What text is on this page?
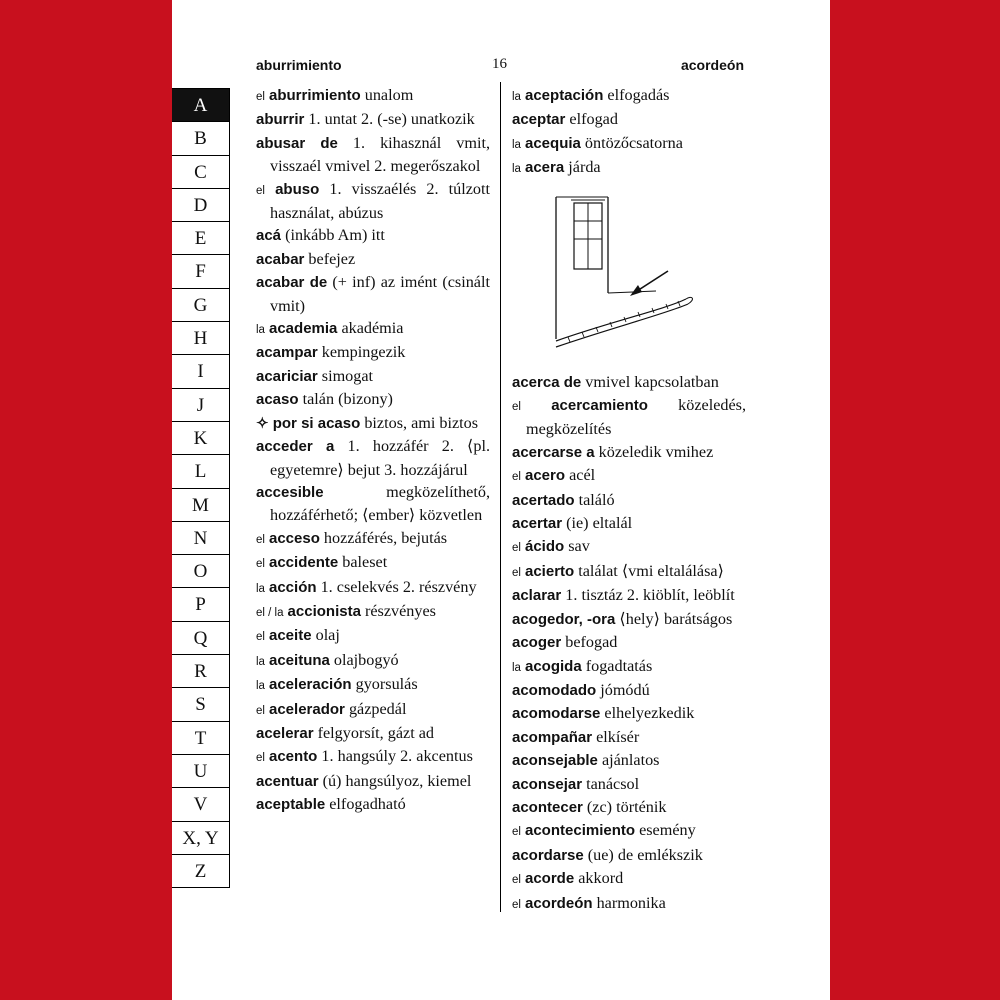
aburrimiento	16	acordeón
A
B
C
D
E
F
G
H
I
J
K
L
M
N
O
P
Q
R
S
T
U
V
X, Y
Z
el aburrimiento unalom
aburrir 1. untat 2. (-se) unatkozik
abusar de 1. kihasznál vmit, visszaél vmivel 2. megerőszakol
el abuso 1. visszaélés 2. túlzott használat, abúzus
acá (inkább Am) itt
acabar befejez
acabar de (+ inf) az imént (csinált vmit)
la academia akadémia
acampar kempingezik
acariciar simogat
acaso talán (bizony)
✧ por si acaso biztos, ami biztos
acceder a 1. hozzáfér 2. ⟨pl. egyetemre⟩ bejut 3. hozzájárul
accesible	megközelíthető, hozzáférhető; ⟨ember⟩ közvetlen
el acceso hozzáférés, bejutás
el accidente baleset
la acción 1. cselekvés 2. részvény
el / la accionista részvényes
el aceite olaj
la aceituna olajbogyó
la aceleración gyorsulás
el acelerador gázpedál
acelerar felgyorsít, gázt ad
el acento 1. hangsúly 2. akcentus
acentuar (ú) hangsúlyoz, kiemel
aceptable elfogadható
la aceptación elfogadás
aceptar elfogad
la acequia öntözőcsatorna
la acera járda
acerca de vmivel kapcsolatban
el acercamiento közeledés, megközelítés
acercarse a közeledik vmihez
el acero acél
acertado találó
acertar (ie) eltalál
el ácido sav
el acierto találat ⟨vmi eltalálása⟩
aclarar 1. tisztáz 2. kiöblít, leöblít
acogedor, -ora ⟨hely⟩ barátságos
acoger befogad
la acogida fogadtatás
acomodado jómódú
acomodarse elhelyezkedik
acompañar elkísér
aconsejable ajánlatos
aconsejar tanácsol
acontecer (zc) történik
el acontecimiento esemény
acordarse (ue) de emlékszik
el acorde akkord
el acordeón harmonika
